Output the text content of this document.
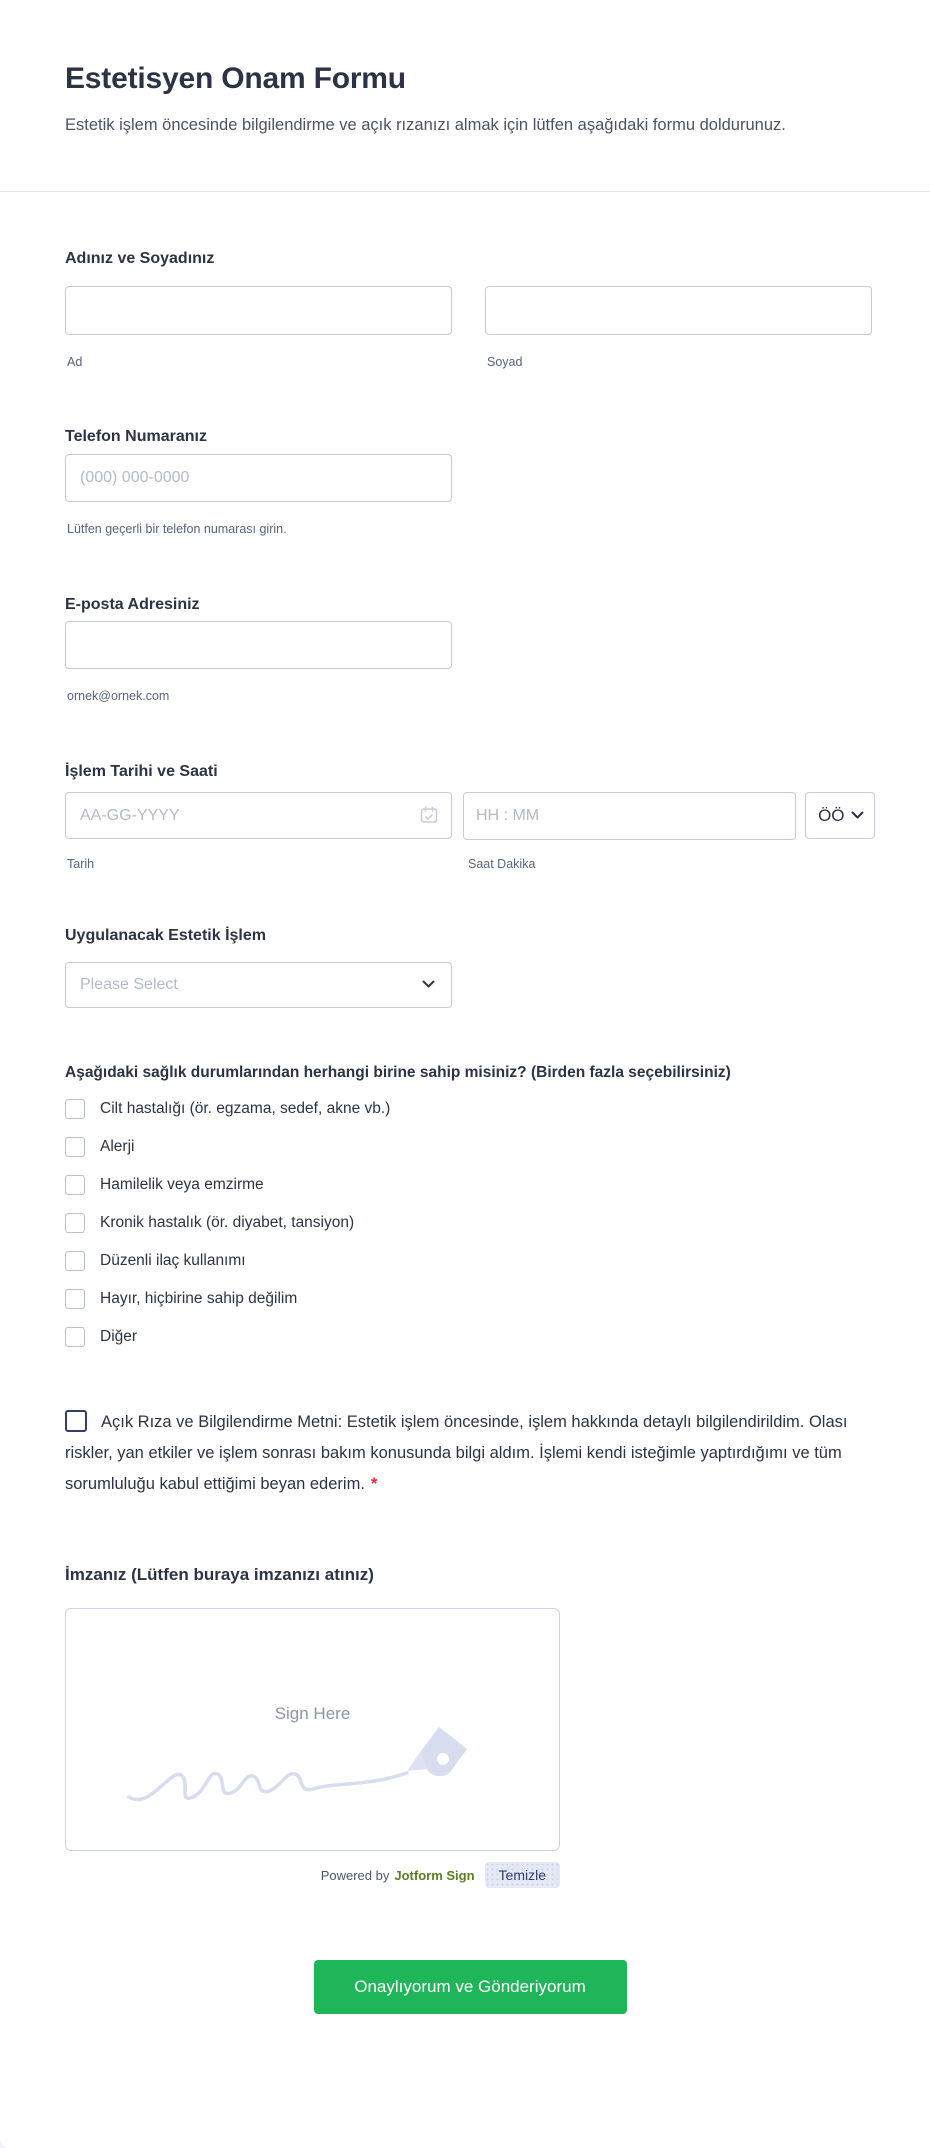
Estetisyen Onam Formu

Estetik işlem öncesinde bilgilendirme ve açık rızanızı almak için lütfen aşağıdaki formu doldurunuz.

Adınız ve Soyadınız
Ad	Soyad
Telefon Numaranız
(000) 000-0000
Lütfen geçerli bir telefon numarası girin.
E-posta Adresiniz
ornek@ornek.com
İşlem Tarihi ve Saati
AA-GG-YYYY
HH : MM
ÖÖ
Tarih	Saat Dakika
Uygulanacak Estetik İşlem
Please Select
Aşağıdaki sağlık durumlarından herhangi birine sahip misiniz? (Birden fazla seçebilirsiniz)
Cilt hastalığı (ör. egzama, sedef, akne vb.)
Alerji
Hamilelik veya emzirme
Kronik hastalık (ör. diyabet, tansiyon)
Düzenli ilaç kullanımı
Hayır, hiçbirine sahip değilim
Diğer
Açık Rıza ve Bilgilendirme Metni: Estetik işlem öncesinde, işlem hakkında detaylı bilgilendirildim. Olası riskler, yan etkiler ve işlem sonrası bakım konusunda bilgi aldım. İşlemi kendi isteğimle yaptırdığımı ve tüm sorumluluğu kabul ettiğimi beyan ederim. *
İmzanız (Lütfen buraya imzanızı atınız)
Sign Here
Powered by Jotform Sign	Temizle
Onaylıyorum ve Gönderiyorum
